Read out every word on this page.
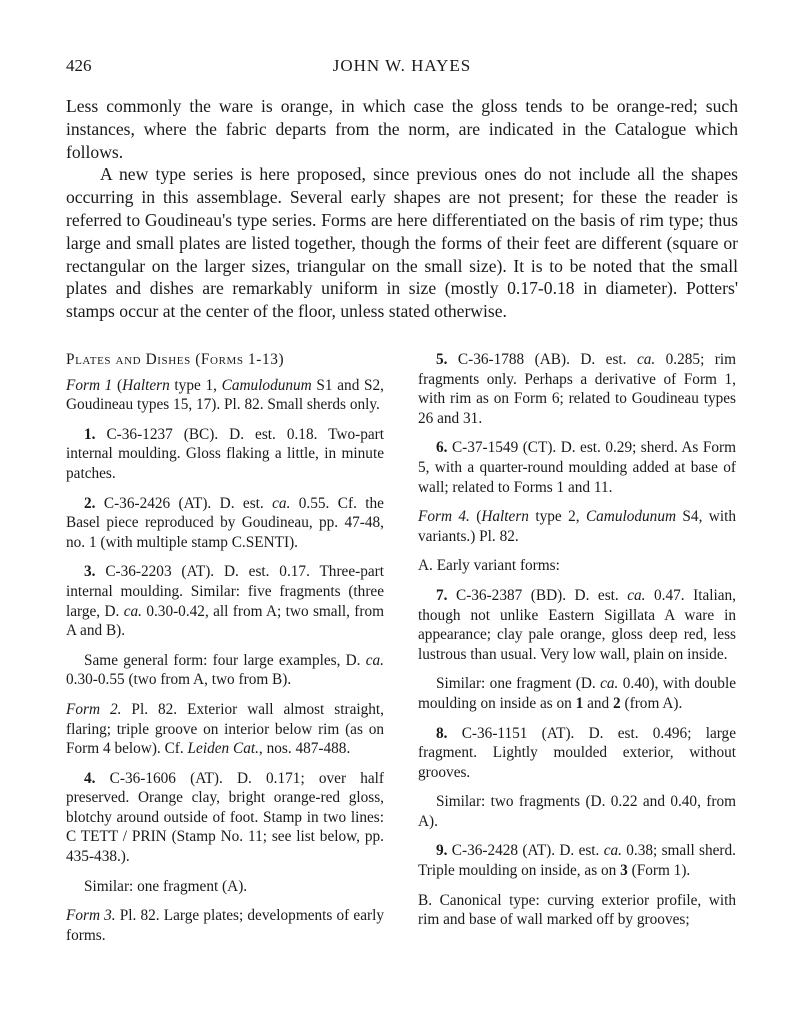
426	JOHN W. HAYES

Less commonly the ware is orange, in which case the gloss tends to be orange-red; such instances, where the fabric departs from the norm, are indicated in the Catalogue which follows.

A new type series is here proposed, since previous ones do not include all the shapes occurring in this assemblage. Several early shapes are not present; for these the reader is referred to Goudineau's type series. Forms are here differentiated on the basis of rim type; thus large and small plates are listed together, though the forms of their feet are different (square or rectangular on the larger sizes, triangular on the small size). It is to be noted that the small plates and dishes are remarkably uniform in size (mostly 0.17-0.18 in diameter). Potters' stamps occur at the center of the floor, unless stated otherwise.

Plates and Dishes (Forms 1-13)

Form 1 (Haltern type 1, Camulodunum S1 and S2, Goudineau types 15, 17). Pl. 82. Small sherds only.

1. C-36-1237 (BC). D. est. 0.18. Two-part internal moulding. Gloss flaking a little, in minute patches.

2. C-36-2426 (AT). D. est. ca. 0.55. Cf. the Basel piece reproduced by Goudineau, pp. 47-48, no. 1 (with multiple stamp C.SENTI).

3. C-36-2203 (AT). D. est. 0.17. Three-part internal moulding. Similar: five fragments (three large, D. ca. 0.30-0.42, all from A; two small, from A and B).

Same general form: four large examples, D. ca. 0.30-0.55 (two from A, two from B).

Form 2. Pl. 82. Exterior wall almost straight, flaring; triple groove on interior below rim (as on Form 4 below). Cf. Leiden Cat., nos. 487-488.

4. C-36-1606 (AT). D. 0.171; over half preserved. Orange clay, bright orange-red gloss, blotchy around outside of foot. Stamp in two lines: C TETT / PRIN (Stamp No. 11; see list below, pp. 435-438.).

Similar: one fragment (A).

Form 3. Pl. 82. Large plates; developments of early forms.

5. C-36-1788 (AB). D. est. ca. 0.285; rim fragments only. Perhaps a derivative of Form 1, with rim as on Form 6; related to Goudineau types 26 and 31.

6. C-37-1549 (CT). D. est. 0.29; sherd. As Form 5, with a quarter-round moulding added at base of wall; related to Forms 1 and 11.

Form 4. (Haltern type 2, Camulodunum S4, with variants.) Pl. 82.

A. Early variant forms:

7. C-36-2387 (BD). D. est. ca. 0.47. Italian, though not unlike Eastern Sigillata A ware in appearance; clay pale orange, gloss deep red, less lustrous than usual. Very low wall, plain on inside.

Similar: one fragment (D. ca. 0.40), with double moulding on inside as on 1 and 2 (from A).

8. C-36-1151 (AT). D. est. 0.496; large fragment. Lightly moulded exterior, without grooves.

Similar: two fragments (D. 0.22 and 0.40, from A).

9. C-36-2428 (AT). D. est. ca. 0.38; small sherd. Triple moulding on inside, as on 3 (Form 1).

B. Canonical type: curving exterior profile, with rim and base of wall marked off by grooves;
